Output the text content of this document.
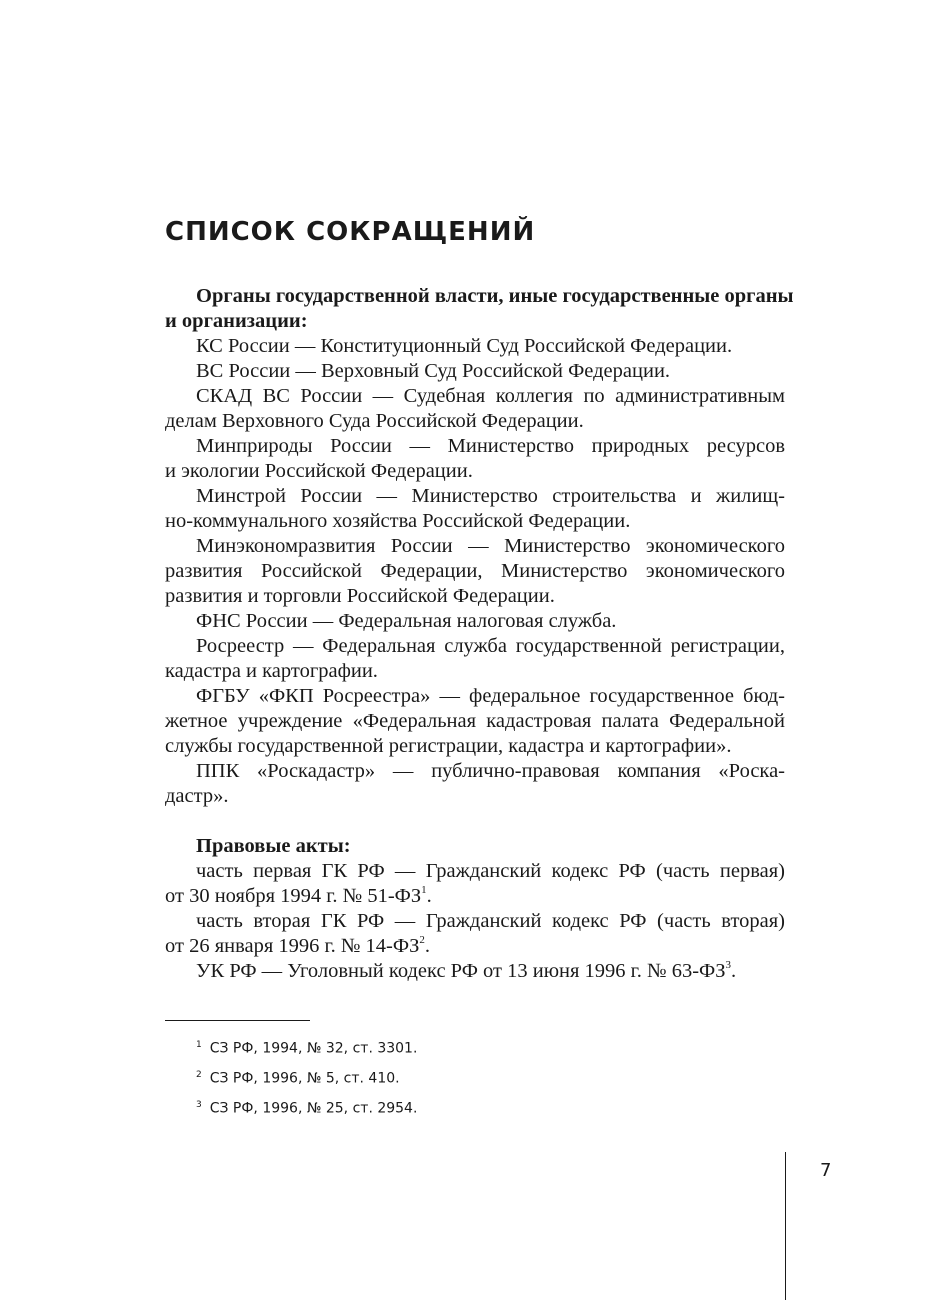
СПИСОК СОКРАЩЕНИЙ
Органы государственной власти, иные государственные органы
и организации:
КС России — Конституционный Суд Российской Федерации.
ВС России — Верховный Суд Российской Федерации.
СКАД ВС России — Судебная коллегия по административным
делам Верховного Суда Российской Федерации.
Минприроды России — Министерство природных ресурсов
и экологии Российской Федерации.
Минстрой России — Министерство строительства и жилищ-
но-коммунального хозяйства Российской Федерации.
Минэкономразвития России — Министерство экономического
развития Российской Федерации, Министерство экономического
развития и торговли Российской Федерации.
ФНС России — Федеральная налоговая служба.
Росреестр — Федеральная служба государственной регистрации,
кадастра и картографии.
ФГБУ «ФКП Росреестра» — федеральное государственное бюд-
жетное учреждение «Федеральная кадастровая палата Федеральной
службы государственной регистрации, кадастра и картографии».
ППК «Роскадастр» — публично-правовая компания «Роска-
дастр».
Правовые акты:
часть первая ГК РФ — Гражданский кодекс РФ (часть первая)
от 30 ноября 1994 г. № $51-ФЗ^1$.
часть вторая ГК РФ — Гражданский кодекс РФ (часть вторая)
от 26 января 1996 г. № $14-ФЗ^2$.
УК РФ — Уголовный кодекс РФ от 13 июня 1996 г. № $63-ФЗ^3$.
$^1$ СЗ РФ, 1994, № 32, ст. 3301.
$^2$ СЗ РФ, 1996, № 5, ст. 410.
$^3$ СЗ РФ, 1996, № 25, ст. 2954.
7
